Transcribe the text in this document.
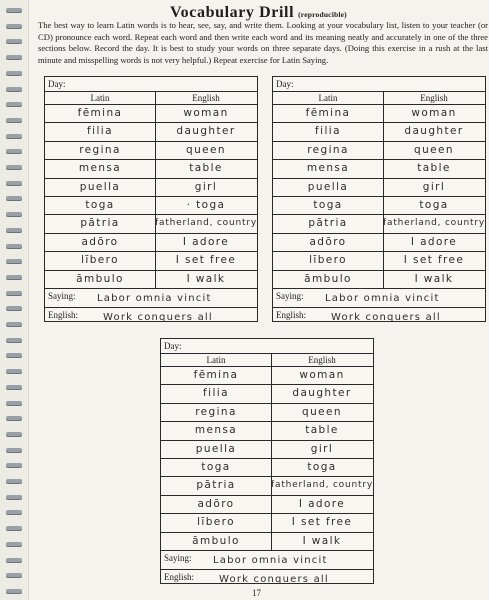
Vocabulary Drill (reproducible)

The best way to learn Latin words is to hear, see, say, and write them. Looking at your vocabulary list, listen to your teacher (or CD) pronounce each word. Repeat each word and then write each word and its meaning neatly and accurately in one of the three sections below. Record the day. It is best to study your words on three separate days. (Doing this exercise in a rush at the last minute and misspelling words is not very helpful.) Repeat exercise for Latin Saying.

Day:
Latin	English
fēmina	woman
filia	daughter
regina	queen
mensa	table
puella	girl
toga	· toga
pātria	fatherland, country
adōro	I adore
lībero	I set free
āmbulo	I walk
Saying: Labor omnia vincit
English: Work conquers all
Day:
Latin	English
fēmina	woman
filia	daughter
regina	queen
mensa	table
puella	girl
toga	toga
pātria	fatherland, country
adōro	I adore
lībero	I set free
āmbulo	I walk
Saying: Labor omnia vincit
English: Work conquers all
Day:
Latin	English
fēmina	woman
filia	daughter
regina	queen
mensa	table
puella	girl
toga	toga
pātria	fatherland, country
adōro	I adore
lībero	I set free
āmbulo	I walk
Saying: Labor omnia vincit
English: Work conquers all
17
